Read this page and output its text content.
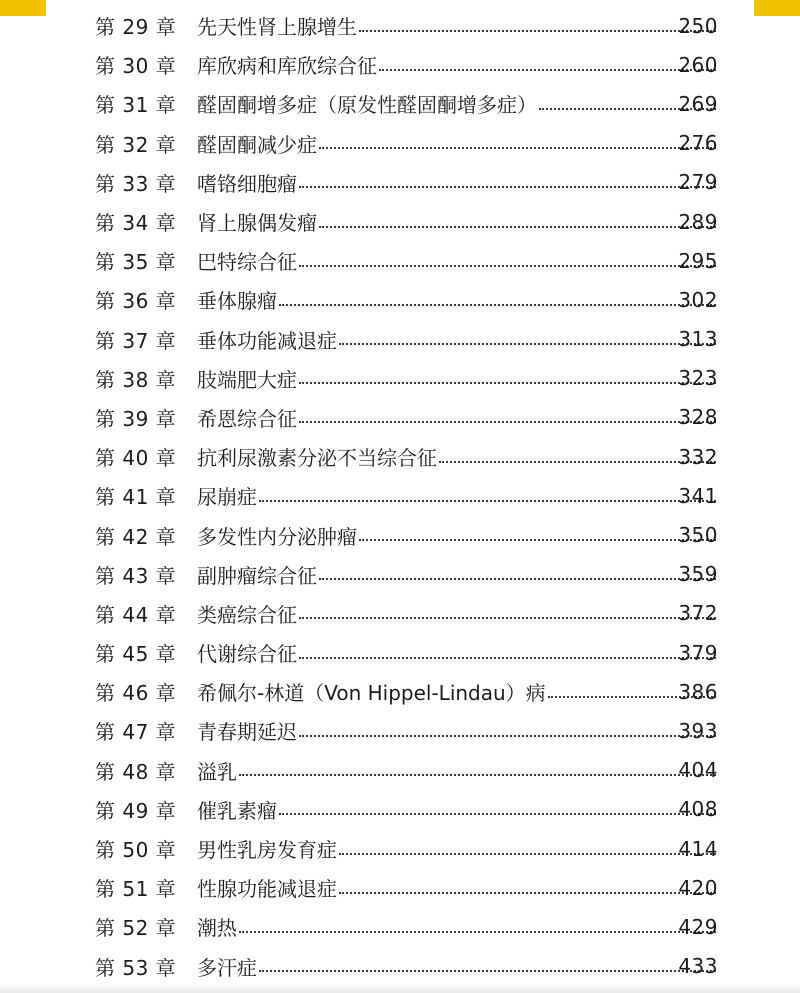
第 29 章	先天性肾上腺增生	250
第 30 章	库欣病和库欣综合征	260
第 31 章	醛固酮增多症（原发性醛固酮增多症）	269
第 32 章	醛固酮减少症	276
第 33 章	嗜铬细胞瘤	279
第 34 章	肾上腺偶发瘤	289
第 35 章	巴特综合征	295
第 36 章	垂体腺瘤	302
第 37 章	垂体功能减退症	313
第 38 章	肢端肥大症	323
第 39 章	希恩综合征	328
第 40 章	抗利尿激素分泌不当综合征	332
第 41 章	尿崩症	341
第 42 章	多发性内分泌肿瘤	350
第 43 章	副肿瘤综合征	359
第 44 章	类癌综合征	372
第 45 章	代谢综合征	379
第 46 章	希佩尔-林道（Von Hippel-Lindau）病	386
第 47 章	青春期延迟	393
第 48 章	溢乳	404
第 49 章	催乳素瘤	408
第 50 章	男性乳房发育症	414
第 51 章	性腺功能减退症	420
第 52 章	潮热	429
第 53 章	多汗症	433
